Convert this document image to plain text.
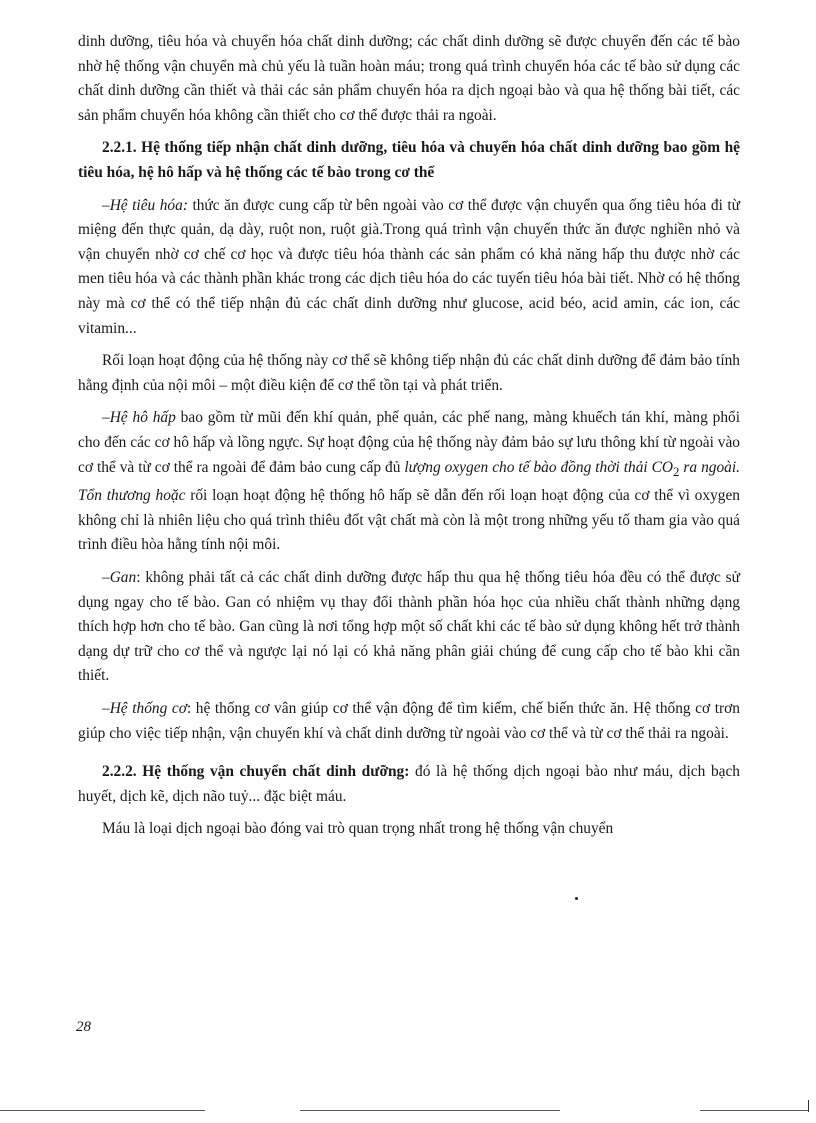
dinh dưỡng, tiêu hóa và chuyển hóa chất dinh dưỡng; các chất dinh dưỡng sẽ được chuyển đến các tế bào nhờ hệ thống vận chuyển mà chủ yếu là tuần hoàn máu; trong quá trình chuyển hóa các tế bào sử dụng các chất dinh dưỡng cần thiết và thải các sản phẩm chuyển hóa ra dịch ngoại bào và qua hệ thống bài tiết, các sản phẩm chuyển hóa không cần thiết cho cơ thể được thải ra ngoài.

2.2.1. Hệ thống tiếp nhận chất dinh dưỡng, tiêu hóa và chuyển hóa chất dinh dưỡng bao gồm hệ tiêu hóa, hệ hô hấp và hệ thống các tế bào trong cơ thể

–Hệ tiêu hóa: thức ăn được cung cấp từ bên ngoài vào cơ thể được vận chuyển qua ống tiêu hóa đi từ miệng đến thực quản, dạ dày, ruột non, ruột già.Trong quá trình vận chuyển thức ăn được nghiền nhỏ và vận chuyển nhờ cơ chế cơ học và được tiêu hóa thành các sản phẩm có khả năng hấp thu được nhờ các men tiêu hóa và các thành phần khác trong các dịch tiêu hóa do các tuyến tiêu hóa bài tiết. Nhờ có hệ thống này mà cơ thể có thể tiếp nhận đủ các chất dinh dưỡng như glucose, acid béo, acid amin, các ion, các vitamin...

Rối loạn hoạt động của hệ thống này cơ thể sẽ không tiếp nhận đủ các chất dinh dưỡng để đảm bảo tính hằng định của nội môi – một điều kiện để cơ thể tồn tại và phát triển.

–Hệ hô hấp bao gồm từ mũi đến khí quản, phế quản, các phế nang, màng khuếch tán khí, màng phổi cho đến các cơ hô hấp và lồng ngực. Sự hoạt động của hệ thống này đảm bảo sự lưu thông khí từ ngoài vào cơ thể và từ cơ thể ra ngoài để đảm bảo cung cấp đủ lượng oxygen cho tế bào đồng thời thải $CO_2$ ra ngoài. Tổn thương hoặc rối loạn hoạt động hệ thống hô hấp sẽ dẫn đến rối loạn hoạt động của cơ thể vì oxygen không chỉ là nhiên liệu cho quá trình thiêu đốt vật chất mà còn là một trong những yếu tố tham gia vào quá trình điều hòa hằng tính nội môi.

–Gan: không phải tất cả các chất dinh dưỡng được hấp thu qua hệ thống tiêu hóa đều có thể được sử dụng ngay cho tế bào. Gan có nhiệm vụ thay đổi thành phần hóa học của nhiều chất thành những dạng thích hợp hơn cho tế bào. Gan cũng là nơi tổng hợp một số chất khi các tế bào sử dụng không hết trở thành dạng dự trữ cho cơ thể và ngược lại nó lại có khả năng phân giải chúng để cung cấp cho tế bào khi cần thiết.

–Hệ thống cơ: hệ thống cơ vân giúp cơ thể vận động để tìm kiếm, chế biến thức ăn. Hệ thống cơ trơn giúp cho việc tiếp nhận, vận chuyển khí và chất dinh dưỡng từ ngoài vào cơ thể và từ cơ thể thải ra ngoài.

2.2.2. Hệ thống vận chuyển chất dinh dưỡng: đó là hệ thống dịch ngoại bào như máu, dịch bạch huyết, dịch kẽ, dịch não tuỷ... đặc biệt máu.

Máu là loại dịch ngoại bào đóng vai trò quan trọng nhất trong hệ thống vận chuyển

28
